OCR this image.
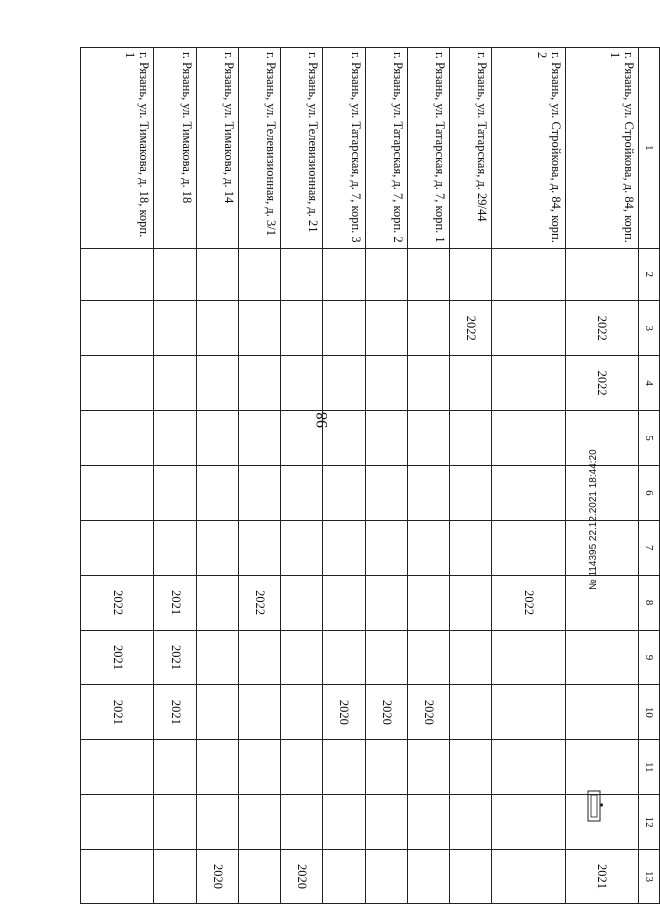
98
1	2	3	4	5	6	7	8	9	10	11	12	13
г. Рязань, ул. Стройкова, д. 84, корп. 1		2022	2022									2021
г. Рязань, ул. Стройкова, д. 84, корп. 2							2022					
г. Рязань, ул. Татарская, д. 29/44		2022										
г. Рязань, ул. Татарская, д. 7, корп. 1									2020			
г. Рязань, ул. Татарская, д. 7, корп. 2									2020			
г. Рязань, ул. Татарская, д. 7, корп. 3									2020			
г. Рязань, ул. Телевизионная, д. 21												2020
г. Рязань, ул. Телевизионная, д. 3/1							2022					
г. Рязань, ул. Тимакова, д. 14												2020
г. Рязань, ул. Тимакова, д. 18							2021	2021	2021			
г. Рязань, ул. Тимакова, д. 18, корп. 1							2022	2021	2021			
№ 114395 22.12.2021 18:44:20
